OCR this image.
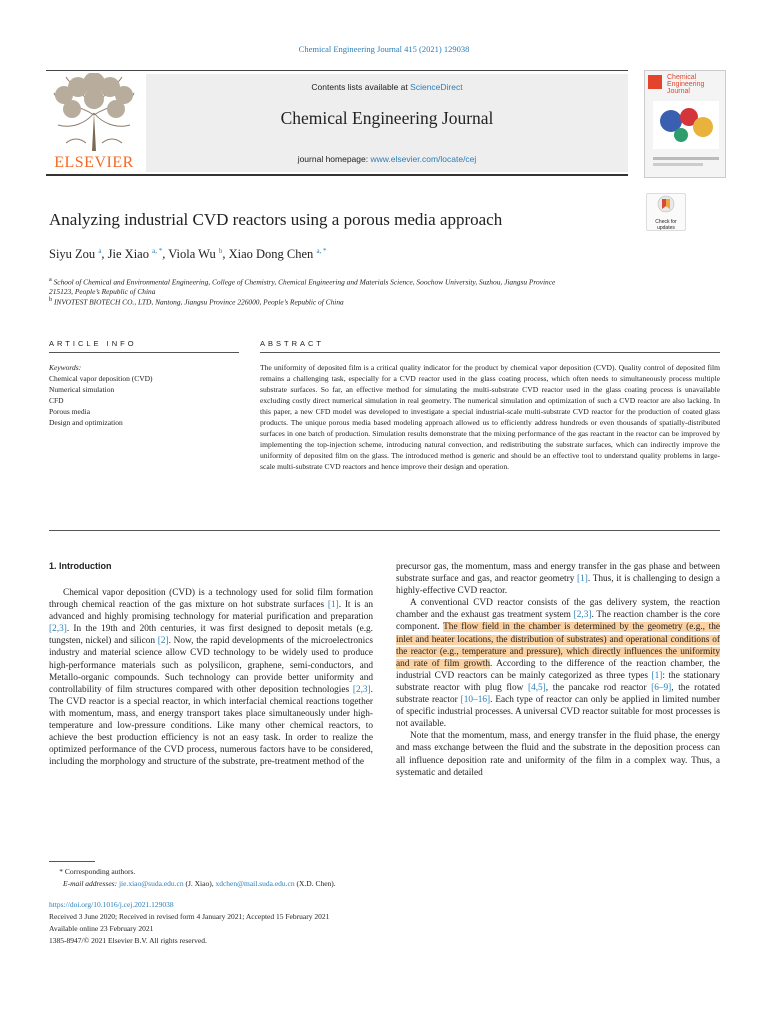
Chemical Engineering Journal 415 (2021) 129038
ELSEVIER
Contents lists available at ScienceDirect
Chemical Engineering Journal
journal homepage: www.elsevier.com/locate/cej
Chemical
Engineering
Journal
Check for
updates
Analyzing industrial CVD reactors using a porous media approach
Siyu Zou $^a$, Jie Xiao $^{a, *}$, Viola Wu $^b$, Xiao Dong Chen $^{a, *}$
$^a$ School of Chemical and Environmental Engineering, College of Chemistry, Chemical Engineering and Materials Science, Soochow University, Suzhou, Jiangsu Province
215123, People’s Republic of China
$^b$ INVOTEST BIOTECH CO., LTD, Nantong, Jiangsu Province 226000, People’s Republic of China
ARTICLE INFO	ABSTRACT
Keywords:
Chemical vapor deposition (CVD)
Numerical simulation
CFD
Porous media
Design and optimization
The uniformity of deposited film is a critical quality indicator for the product by chemical vapor deposition (CVD). Quality control of deposited film remains a challenging task, especially for a CVD reactor used in the glass coating process, which often needs to simultaneously process multiple substrate surfaces. So far, an effective method for simulating the multi-substrate CVD reactor used in the glass coating process is unavailable excluding costly direct numerical simulation in real geometry. The numerical simulation and optimization of such a CVD reactor are also lacking. In this paper, a new CFD model was developed to investigate a special industrial-scale multi-substrate CVD reactor for the production of coated glass products. The unique porous media based modeling approach allowed us to efficiently address hundreds or even thousands of spatially-distributed surfaces in one batch of production. Simulation results demonstrate that the mixing performance of the gas reactant in the reactor can be improved by implementing the top-injection scheme, introducing natural convection, and redistributing the substrate surfaces, which can indirectly improve the uniformity of deposited film on the glass. The introduced method is generic and should be an effective tool to understand quality problems in large-scale multi-substrate CVD reactors and hence improve their design and operation.
1. Introduction

Chemical vapor deposition (CVD) is a technology used for solid film formation through chemical reaction of the gas mixture on hot substrate surfaces [1]. It is an advanced and highly promising technology for material purification and preparation [2,3]. In the 19th and 20th centuries, it was first designed to deposit metals (e.g. tungsten, nickel) and silicon [2]. Now, the rapid developments of the microelectronics industry and material science allow CVD technology to be widely used to produce high-performance materials such as polysilicon, graphene, semi-conductors, and Metallo-organic compounds. Such technology can provide better uniformity and controllability of film structures compared with other deposition technologies [2,3]. The CVD reactor is a special reactor, in which interfacial chemical reactions together with momentum, mass, and energy transport takes place simultaneously under high-temperature and low-pressure conditions. Like many other chemical reactors, to achieve the best production efficiency is not an easy task. In order to realize the optimized performance of the CVD process, numerous factors have to be considered, including the morphology and structure of the substrate, pre-treatment method of the

precursor gas, the momentum, mass and energy transfer in the gas phase and between substrate surface and gas, and reactor geometry [1]. Thus, it is challenging to design a highly-effective CVD reactor.

A conventional CVD reactor consists of the gas delivery system, the reaction chamber and the exhaust gas treatment system [2,3]. The reaction chamber is the core component. The flow field in the chamber is determined by the geometry (e.g., the inlet and heater locations, the distribution of substrates) and operational conditions of the reactor (e.g., temperature and pressure), which directly influences the uniformity and rate of film growth. According to the difference of the reaction chamber, the industrial CVD reactors can be mainly categorized as three types [1]: the stationary substrate reactor with plug flow [4,5], the pancake rod reactor [6–9], the rotated substrate reactor [10–16]. Each type of reactor can only be applied in limited number of specific industrial processes. A universal CVD reactor suitable for most processes is not available.

Note that the momentum, mass, and energy transfer in the fluid phase, the energy and mass exchange between the fluid and the substrate in the deposition process can all influence deposition rate and uniformity of the film in a complex way. Thus, a systematic and detailed

* Corresponding authors.
E-mail addresses: jie.xiao@suda.edu.cn (J. Xiao), xdchen@mail.suda.edu.cn (X.D. Chen).
https://doi.org/10.1016/j.cej.2021.129038
Received 3 June 2020; Received in revised form 4 January 2021; Accepted 15 February 2021
Available online 23 February 2021
1385-8947/© 2021 Elsevier B.V. All rights reserved.
